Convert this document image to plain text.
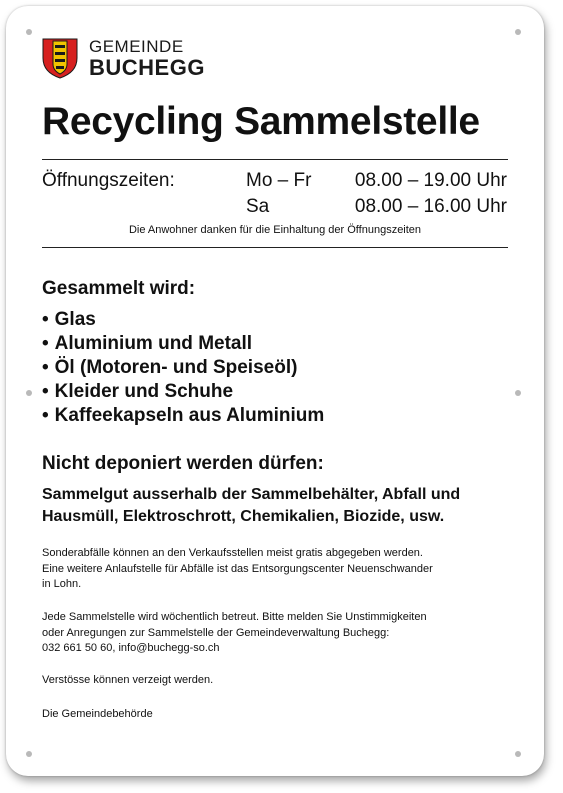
GEMEINDE
BUCHEGG
Recycling Sammelstelle
Öffnungszeiten:	Mo – Fr 08.00 – 19.00 Uhr
Sa	08.00 – 16.00 Uhr
Die Anwohner danken für die Einhaltung der Öffnungszeiten
Gesammelt wird:
• Glas
• Aluminium und Metall
• Öl (Motoren- und Speiseöl)
• Kleider und Schuhe
• Kaffeekapseln aus Aluminium
Nicht deponiert werden dürfen:
Sammelgut ausserhalb der Sammelbehälter, Abfall und
Hausmüll, Elektroschrott, Chemikalien, Biozide, usw.
Sonderabfälle können an den Verkaufsstellen meist gratis abgegeben werden.
Eine weitere Anlaufstelle für Abfälle ist das Entsorgungscenter Neuenschwander
in Lohn.
Jede Sammelstelle wird wöchentlich betreut. Bitte melden Sie Unstimmigkeiten
oder Anregungen zur Sammelstelle der Gemeindeverwaltung Buchegg:
032 661 50 60, info@buchegg-so.ch
Verstösse können verzeigt werden.
Die Gemeindebehörde
